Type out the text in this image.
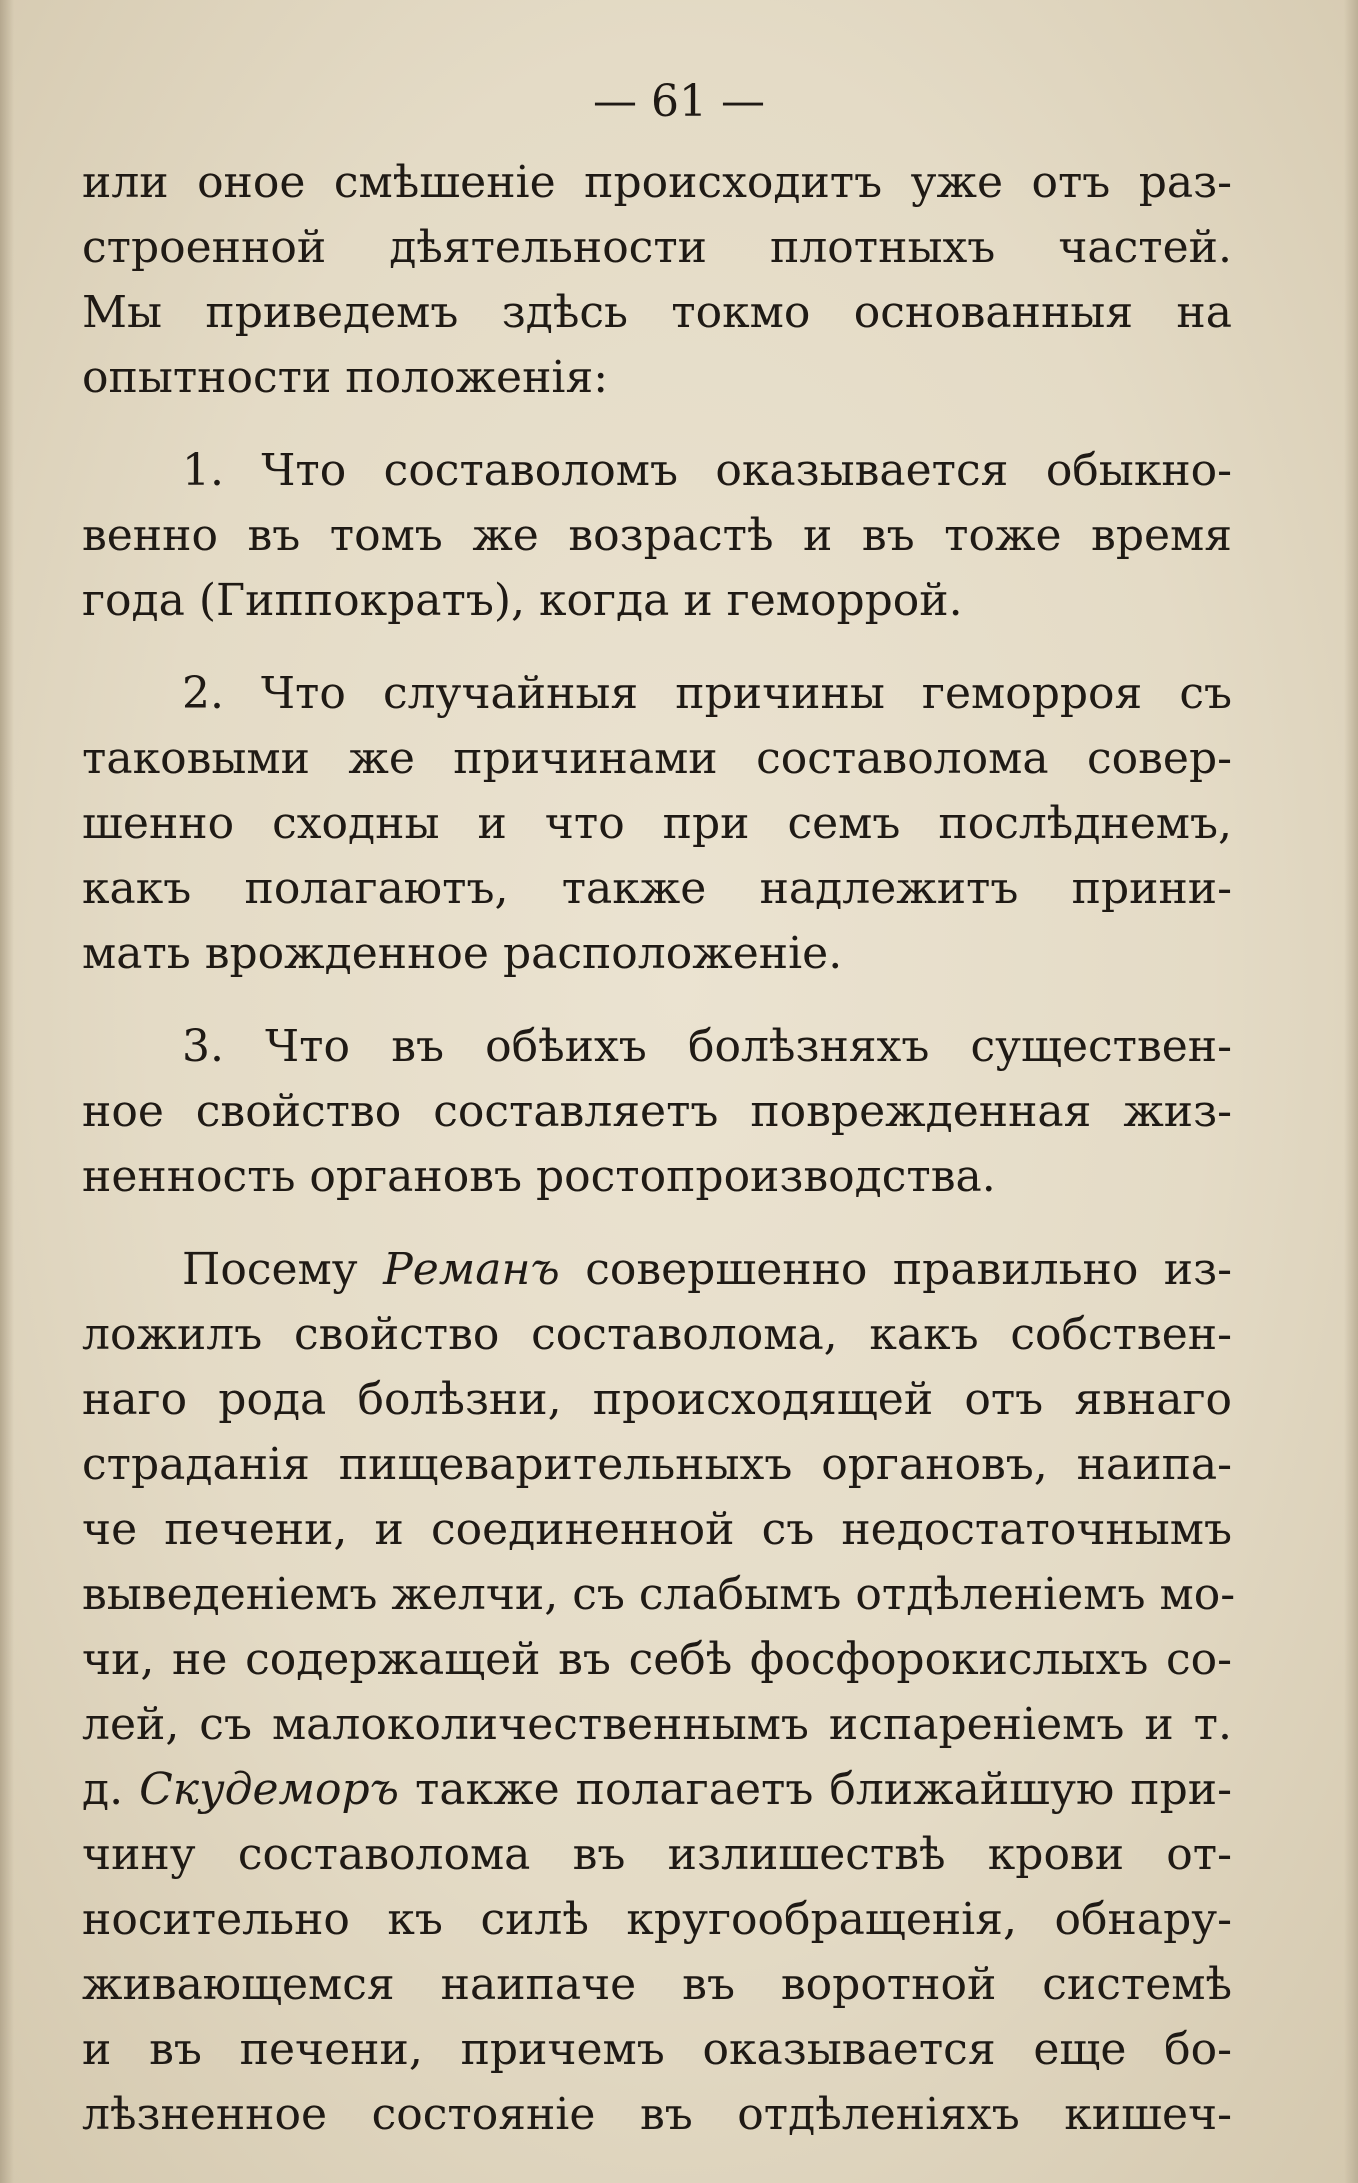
— 61 —

или оное смѣшеніе происходитъ уже отъ раз-
строенной дѣятельности плотныхъ частей.
Мы приведемъ здѣсь токмо основанныя на
опытности положенія:

1. Что составоломъ оказывается обыкно-
венно въ томъ же возрастѣ и въ тоже время
года (Гиппократъ), когда и геморрой.

2. Что случайныя причины геморроя съ
таковыми же причинами составолома совер-
шенно сходны и что при семъ послѣднемъ,
какъ полагаютъ, также надлежитъ прини-
мать врожденное расположеніе.

3. Что въ обѣихъ болѣзняхъ существен-
ное свойство составляетъ поврежденная жиз-
ненность органовъ ростопроизводства.

Посему Реманъ совершенно правильно из-
ложилъ свойство составолома, какъ собствен-
наго рода болѣзни, происходящей отъ явнаго
страданія пищеварительныхъ органовъ, наипа-
че печени, и соединенной съ недостаточнымъ
выведеніемъ желчи, съ слабымъ отдѣленіемъ мо-
чи, не содержащей въ себѣ фосфорокислыхъ со-
лей, съ малоколичественнымъ испареніемъ и т.
д. Скудеморъ также полагаетъ ближайшую при-
чину составолома въ излишествѣ крови от-
носительно къ силѣ кругообращенія, обнару-
живающемся наипаче въ воротной системѣ
и въ печени, причемъ оказывается еще бо-
лѣзненное состояніе въ отдѣленіяхъ кишеч-
